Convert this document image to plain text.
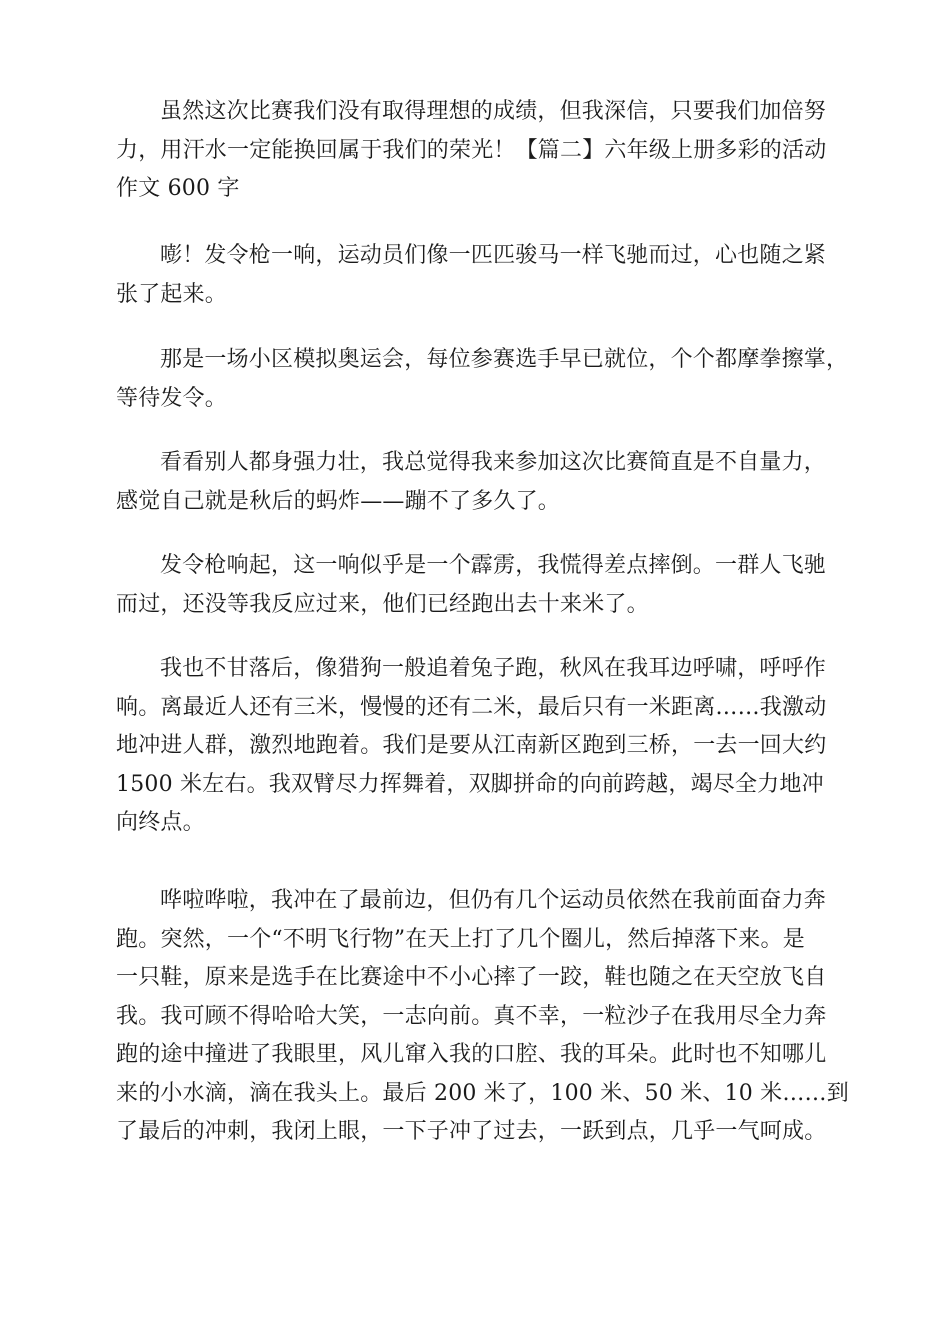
虽然这次比赛我们没有取得理想的成绩，但我深信，只要我们加倍努
力，用汗水一定能换回属于我们的荣光！【篇二】六年级上册多彩的活动
作文 600 字

嘭！发令枪一响，运动员们像一匹匹骏马一样飞驰而过，心也随之紧
张了起来。

那是一场小区模拟奥运会，每位参赛选手早已就位，个个都摩拳擦掌，
等待发令。

看看别人都身强力壮，我总觉得我来参加这次比赛简直是不自量力，
感觉自己就是秋后的蚂炸——蹦不了多久了。

发令枪响起，这一响似乎是一个霹雳，我慌得差点摔倒。一群人飞驰
而过，还没等我反应过来，他们已经跑出去十来米了。

我也不甘落后，像猎狗一般追着兔子跑，秋风在我耳边呼啸，呼呼作
响。离最近人还有三米，慢慢的还有二米，最后只有一米距离……我激动
地冲进人群，激烈地跑着。我们是要从江南新区跑到三桥，一去一回大约
1500 米左右。我双臂尽力挥舞着，双脚拼命的向前跨越，竭尽全力地冲
向终点。

哗啦哗啦，我冲在了最前边，但仍有几个运动员依然在我前面奋力奔
跑。突然，一个“不明飞行物”在天上打了几个圈儿，然后掉落下来。是
一只鞋，原来是选手在比赛途中不小心摔了一跤，鞋也随之在天空放飞自
我。我可顾不得哈哈大笑，一志向前。真不幸，一粒沙子在我用尽全力奔
跑的途中撞进了我眼里，风儿窜入我的口腔、我的耳朵。此时也不知哪儿
来的小水滴，滴在我头上。最后 200 米了，100 米、50 米、10 米……到
了最后的冲刺，我闭上眼，一下子冲了过去，一跃到点，几乎一气呵成。
